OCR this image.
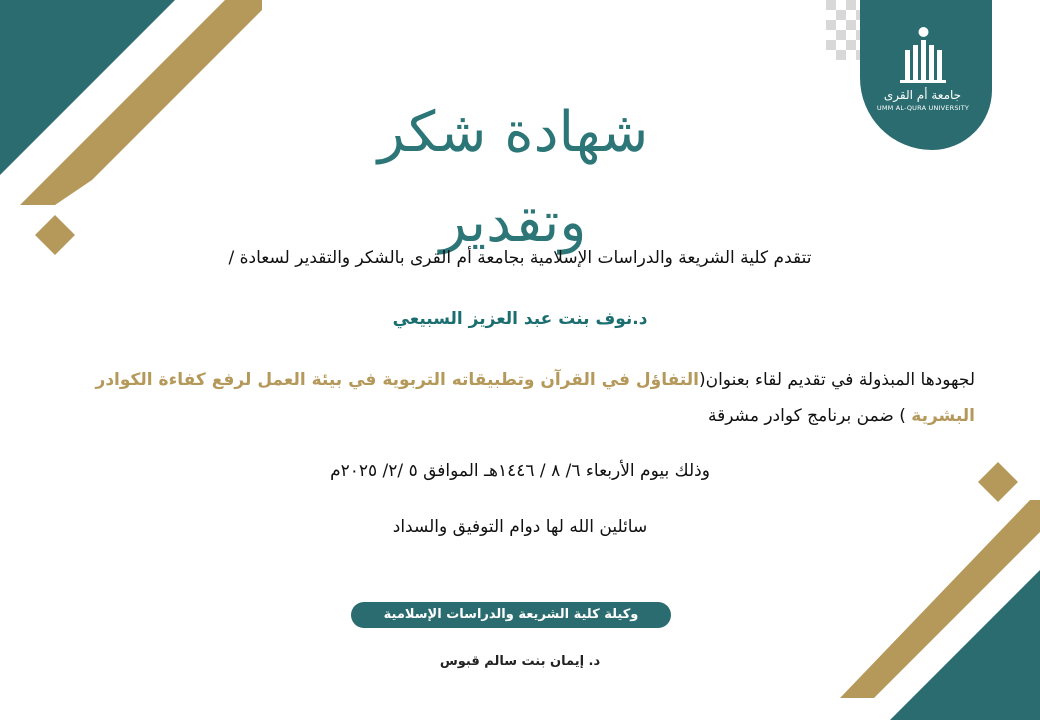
جامعة أم القرى
UMM AL-QURA UNIVERSITY
شهادة شكر وتقدير
تتقدم كلية الشريعة والدراسات الإسلامية بجامعة أم القرى بالشكر والتقدير لسعادة /
د.نوف بنت عبد العزيز السبيعي
لجهودها المبذولة في تقديم لقاء بعنوان(التفاؤل في القرآن وتطبيقاته التربوية في بيئة العمل لرفع كفاءة الكوادر البشرية ) ضمن برنامج كوادر مشرقة
وذلك بيوم الأربعاء ٦/ ٨ / ١٤٤٦هـ الموافق ٥ /٢/ ٢٠٢٥م
سائلين الله لها دوام التوفيق والسداد
وكيلة كلية الشريعة والدراسات الإسلامية
د. إيمان بنت سالم قبوس
